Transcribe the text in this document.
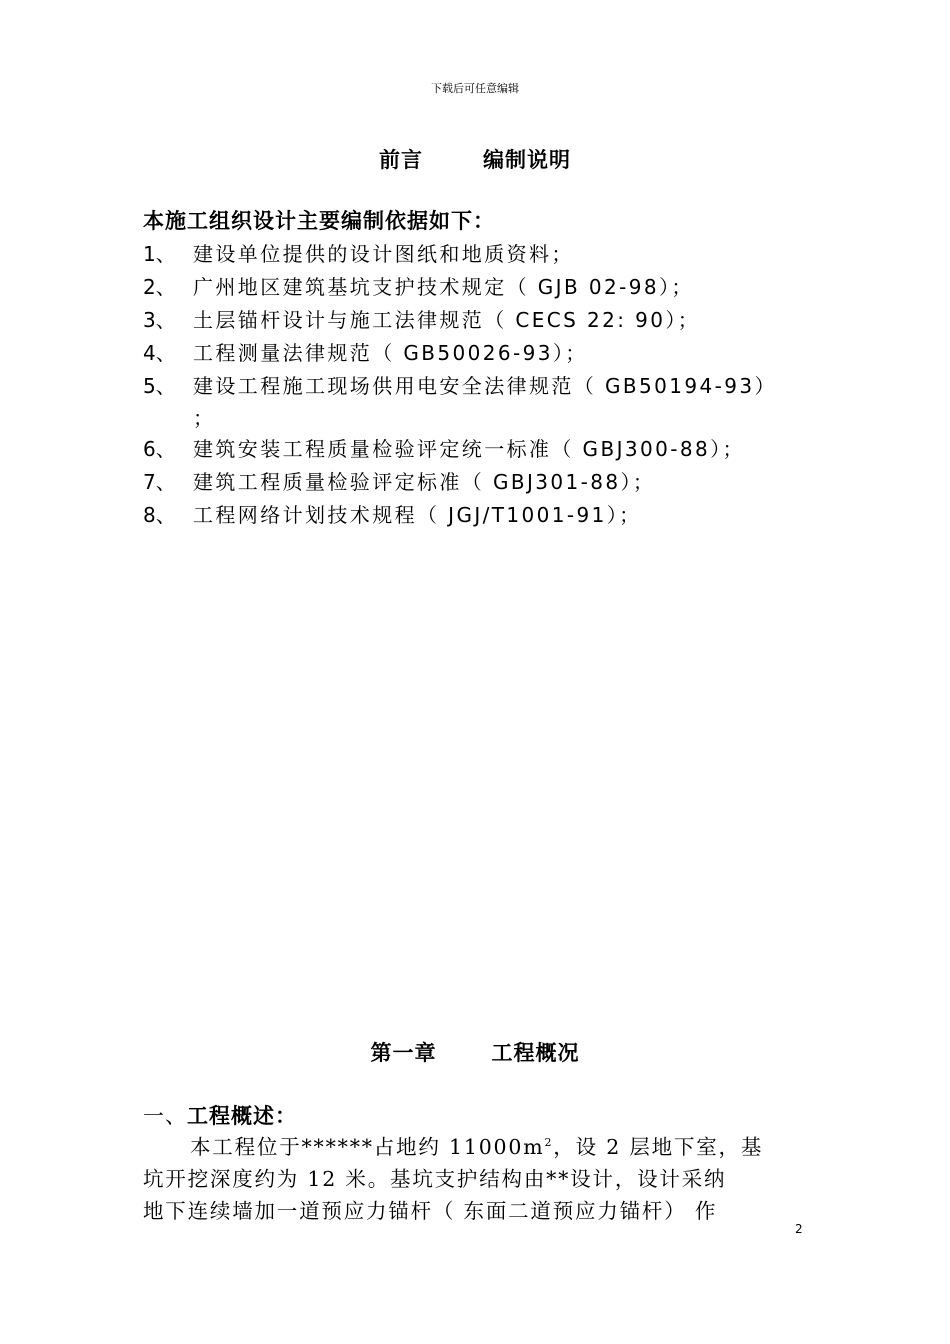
下载后可任意编辑
前言	编制说明
本施工组织设计主要编制依据如下：
1、 建设单位提供的设计图纸和地质资料；
2、 广州地区建筑基坑支护技术规定（ GJB 02-98）；
3、 土层锚杆设计与施工法律规范（ CECS 22: 90）；
4、 工程测量法律规范（ GB50026-93）；
5、 建设工程施工现场供用电安全法律规范（ GB50194-93）
；
6、 建筑安装工程质量检验评定统一标准（ GBJ300-88）；
7、 建筑工程质量检验评定标准（ GBJ301-88）；
8、 工程网络计划技术规程（ JGJ/T1001-91）；
第一章	工程概况
一、工程概述：
本工程位于******占地约 $11000m^2$，设 2 层地下室，基
坑开挖深度约为 12 米。基坑支护结构由**设计，设计采纳
地下连续墙加一道预应力锚杆（ 东面二道预应力锚杆） 作
2
